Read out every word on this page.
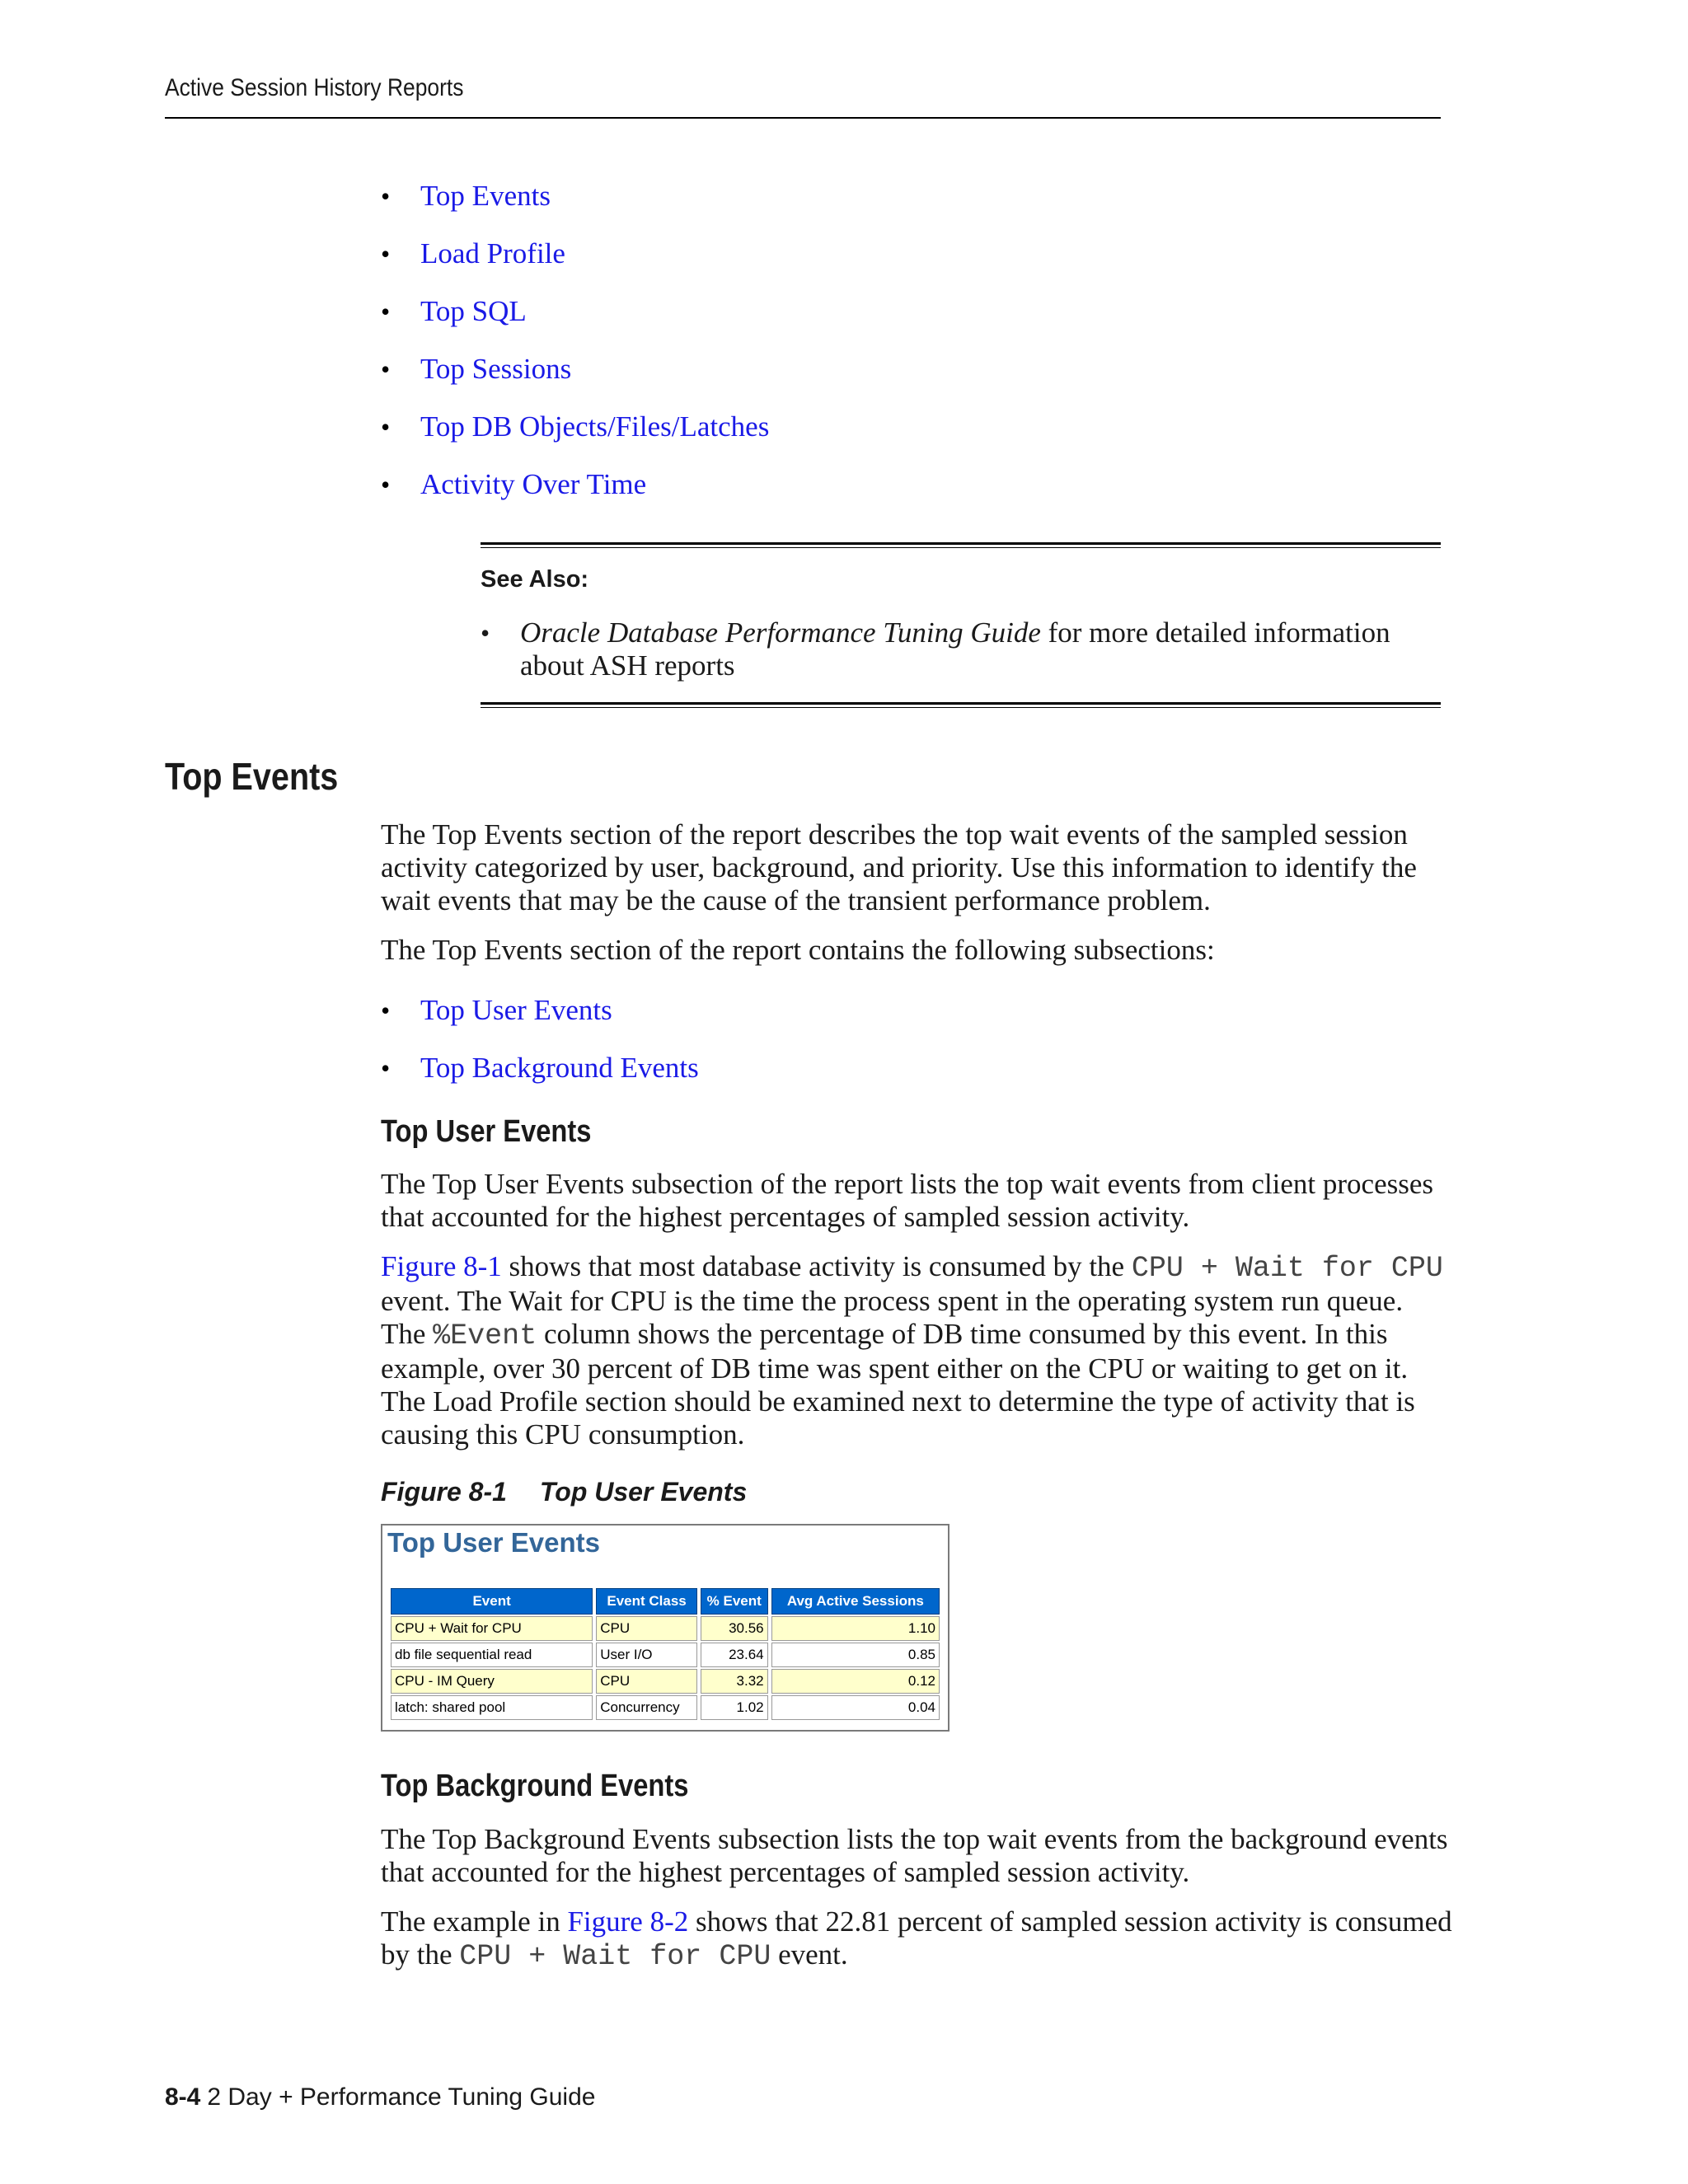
Active Session History Reports
• Top Events
• Load Profile
• Top SQL
• Top Sessions
• Top DB Objects/Files/Latches
• Activity Over Time
See Also:
• Oracle Database Performance Tuning Guide for more detailed information about ASH reports
Top Events

The Top Events section of the report describes the top wait events of the sampled session activity categorized by user, background, and priority. Use this information to identify the wait events that may be the cause of the transient performance problem.

The Top Events section of the report contains the following subsections:

• Top User Events
• Top Background Events
Top User Events

The Top User Events subsection of the report lists the top wait events from client processes that accounted for the highest percentages of sampled session activity.

Figure 8-1 shows that most database activity is consumed by the CPU + Wait for CPU event. The Wait for CPU is the time the process spent in the operating system run queue. The %Event column shows the percentage of DB time consumed by this event. In this example, over 30 percent of DB time was spent either on the CPU or waiting to get on it. The Load Profile section should be examined next to determine the type of activity that is causing this CPU consumption.

Figure 8-1 Top User Events
Top User Events
Event	Event Class	% Event	Avg Active Sessions
CPU + Wait for CPU	CPU	30.56	1.10
db file sequential read	User I/O	23.64	0.85
CPU - IM Query	CPU	3.32	0.12
latch: shared pool	Concurrency	1.02	0.04
Top Background Events

The Top Background Events subsection lists the top wait events from the background events that accounted for the highest percentages of sampled session activity.

The example in Figure 8-2 shows that 22.81 percent of sampled session activity is consumed by the CPU + Wait for CPU event.

8-4 2 Day + Performance Tuning Guide
